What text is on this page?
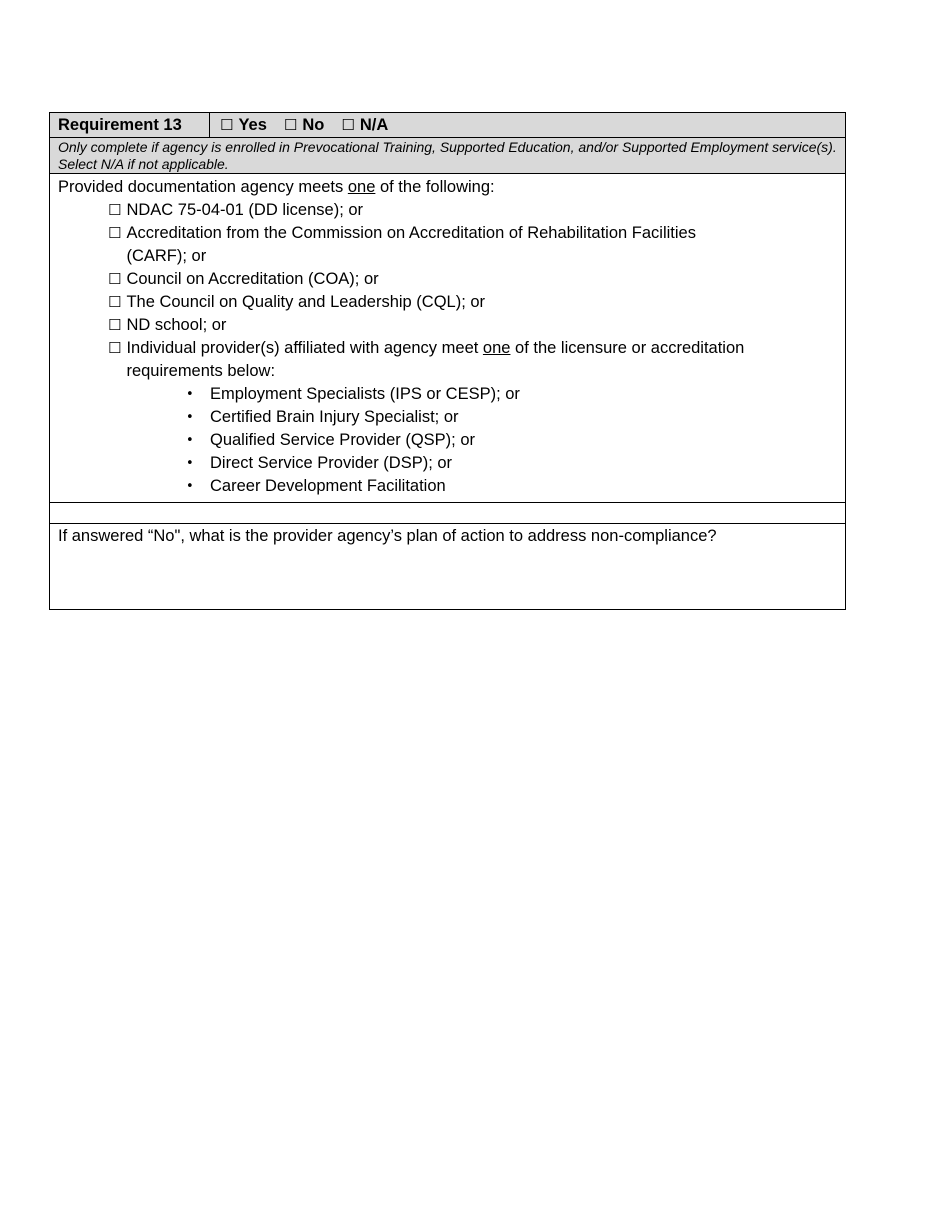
Requirement 13	☐ Yes ☐ No ☐ N/A
Only complete if agency is enrolled in Prevocational Training, Supported Education, and/or Supported Employment service(s). Select N/A if not applicable.
Provided documentation agency meets one of the following:
☐ NDAC 75-04-01 (DD license); or
☐ Accreditation from the Commission on Accreditation of Rehabilitation Facilities
(CARF); or
☐ Council on Accreditation (COA); or
☐ The Council on Quality and Leadership (CQL); or
☐ ND school; or
☐ Individual provider(s) affiliated with agency meet one of the licensure or accreditation
requirements below:
• Employment Specialists (IPS or CESP); or
• Certified Brain Injury Specialist; or
• Qualified Service Provider (QSP); or
• Direct Service Provider (DSP); or
• Career Development Facilitation
If answered “No", what is the provider agency’s plan of action to address non-compliance?
